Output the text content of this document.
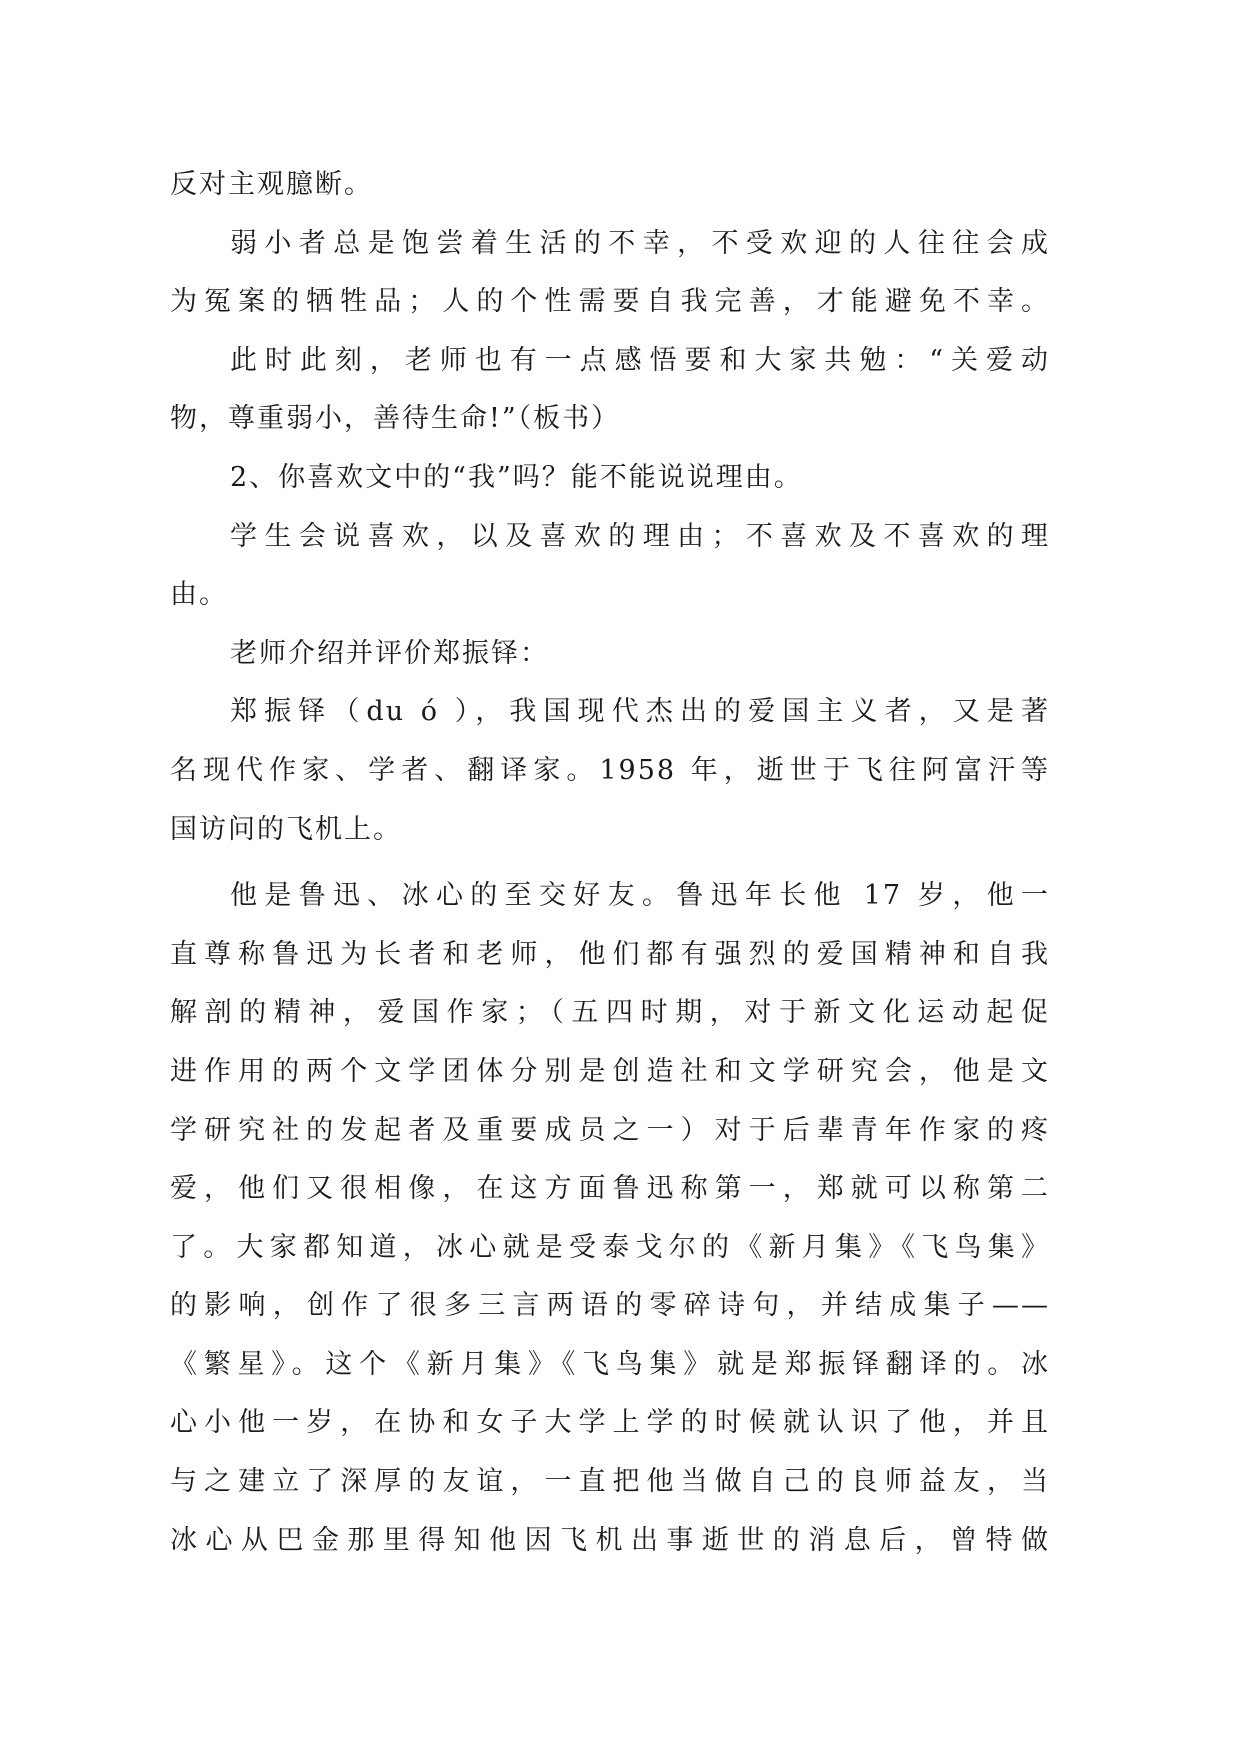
反对主观臆断。
弱小者总是饱尝着生活的不幸，不受欢迎的人往往会成
为冤案的牺牲品；人的个性需要自我完善，才能避免不幸。
此时此刻，老师也有一点感悟要和大家共勉：“关爱动
物，尊重弱小，善待生命!”（板书）
2、你喜欢文中的“我”吗？能不能说说理由。
学生会说喜欢，以及喜欢的理由；不喜欢及不喜欢的理
由。
老师介绍并评价郑振铎：
郑振铎（du ó ），我国现代杰出的爱国主义者，又是著
名现代作家、学者、翻译家。1958 年，逝世于飞往阿富汗等
国访问的飞机上。
他是鲁迅、冰心的至交好友。鲁迅年长他 17 岁，他一
直尊称鲁迅为长者和老师，他们都有强烈的爱国精神和自我
解剖的精神，爱国作家；（五四时期，对于新文化运动起促
进作用的两个文学团体分别是创造社和文学研究会，他是文
学研究社的发起者及重要成员之一）对于后辈青年作家的疼
爱，他们又很相像，在这方面鲁迅称第一，郑就可以称第二
了。大家都知道，冰心就是受泰戈尔的《新月集》《飞鸟集》
的影响，创作了很多三言两语的零碎诗句，并结成集子——
《繁星》。这个《新月集》《飞鸟集》就是郑振铎翻译的。冰
心小他一岁，在协和女子大学上学的时候就认识了他，并且
与之建立了深厚的友谊，一直把他当做自己的良师益友，当
冰心从巴金那里得知他因飞机出事逝世的消息后，曾特做
